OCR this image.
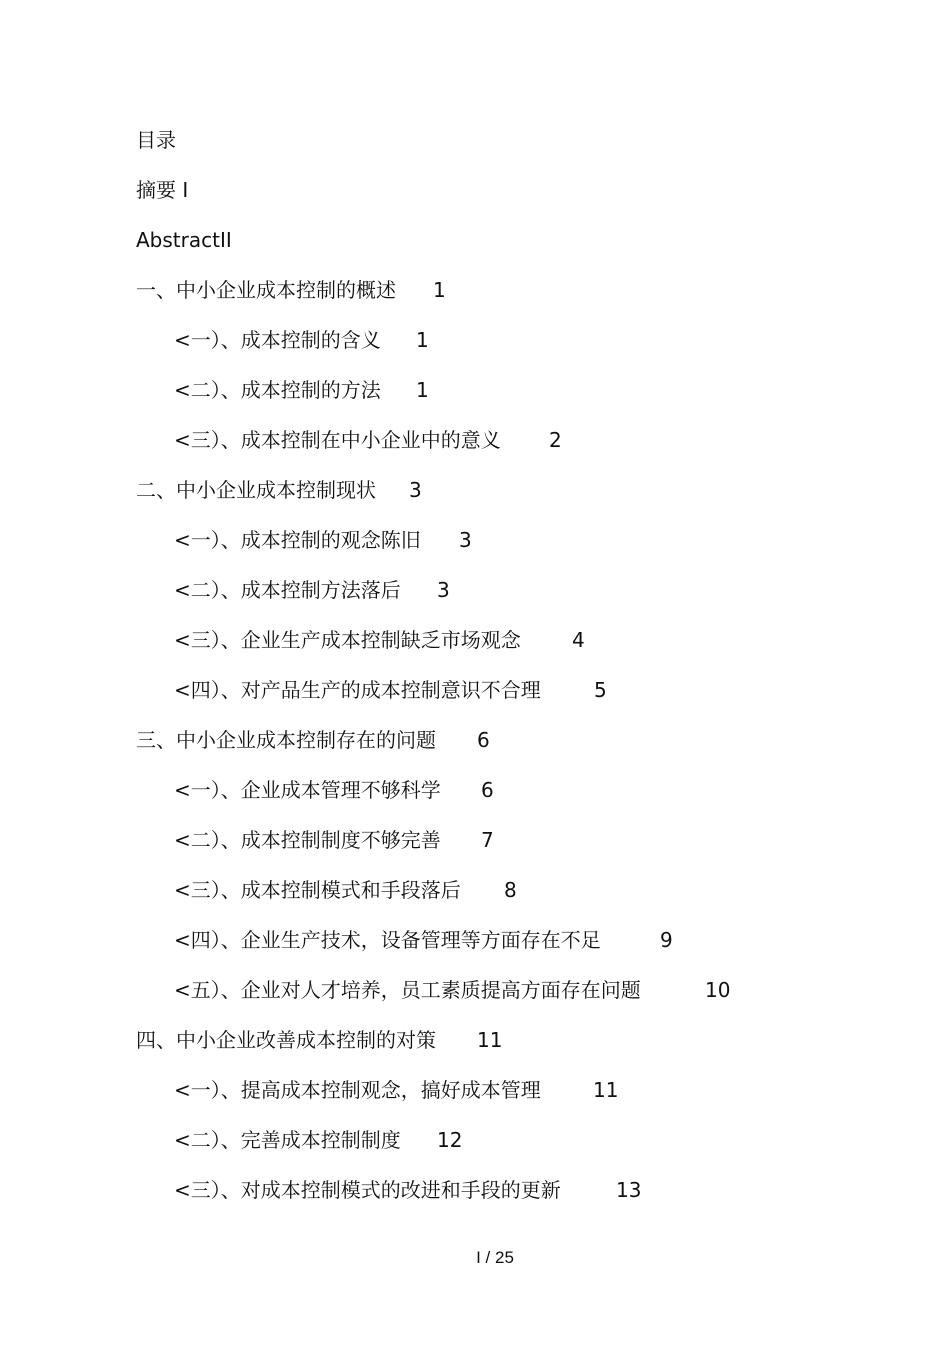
目录
摘要 I
AbstractII
一、中小企业成本控制的概述 1
<一）、成本控制的含义 1
<二）、成本控制的方法 1
<三）、成本控制在中小企业中的意义 2
二、中小企业成本控制现状 3
<一）、成本控制的观念陈旧 3
<二）、成本控制方法落后 3
<三）、企业生产成本控制缺乏市场观念	4
<四）、对产品生产的成本控制意识不合理	5
三、中小企业成本控制存在的问题 6
<一）、企业成本管理不够科学 6
<二）、成本控制制度不够完善 7
<三）、成本控制模式和手段落后 8
<四）、企业生产技术，设备管理等方面存在不足	9
<五）、企业对人才培养，员工素质提高方面存在问题	10
四、中小企业改善成本控制的对策 11
<一）、提高成本控制观念，搞好成本管理	11
<二）、完善成本控制制度 12
<三）、对成本控制模式的改进和手段的更新	13
I / 25
